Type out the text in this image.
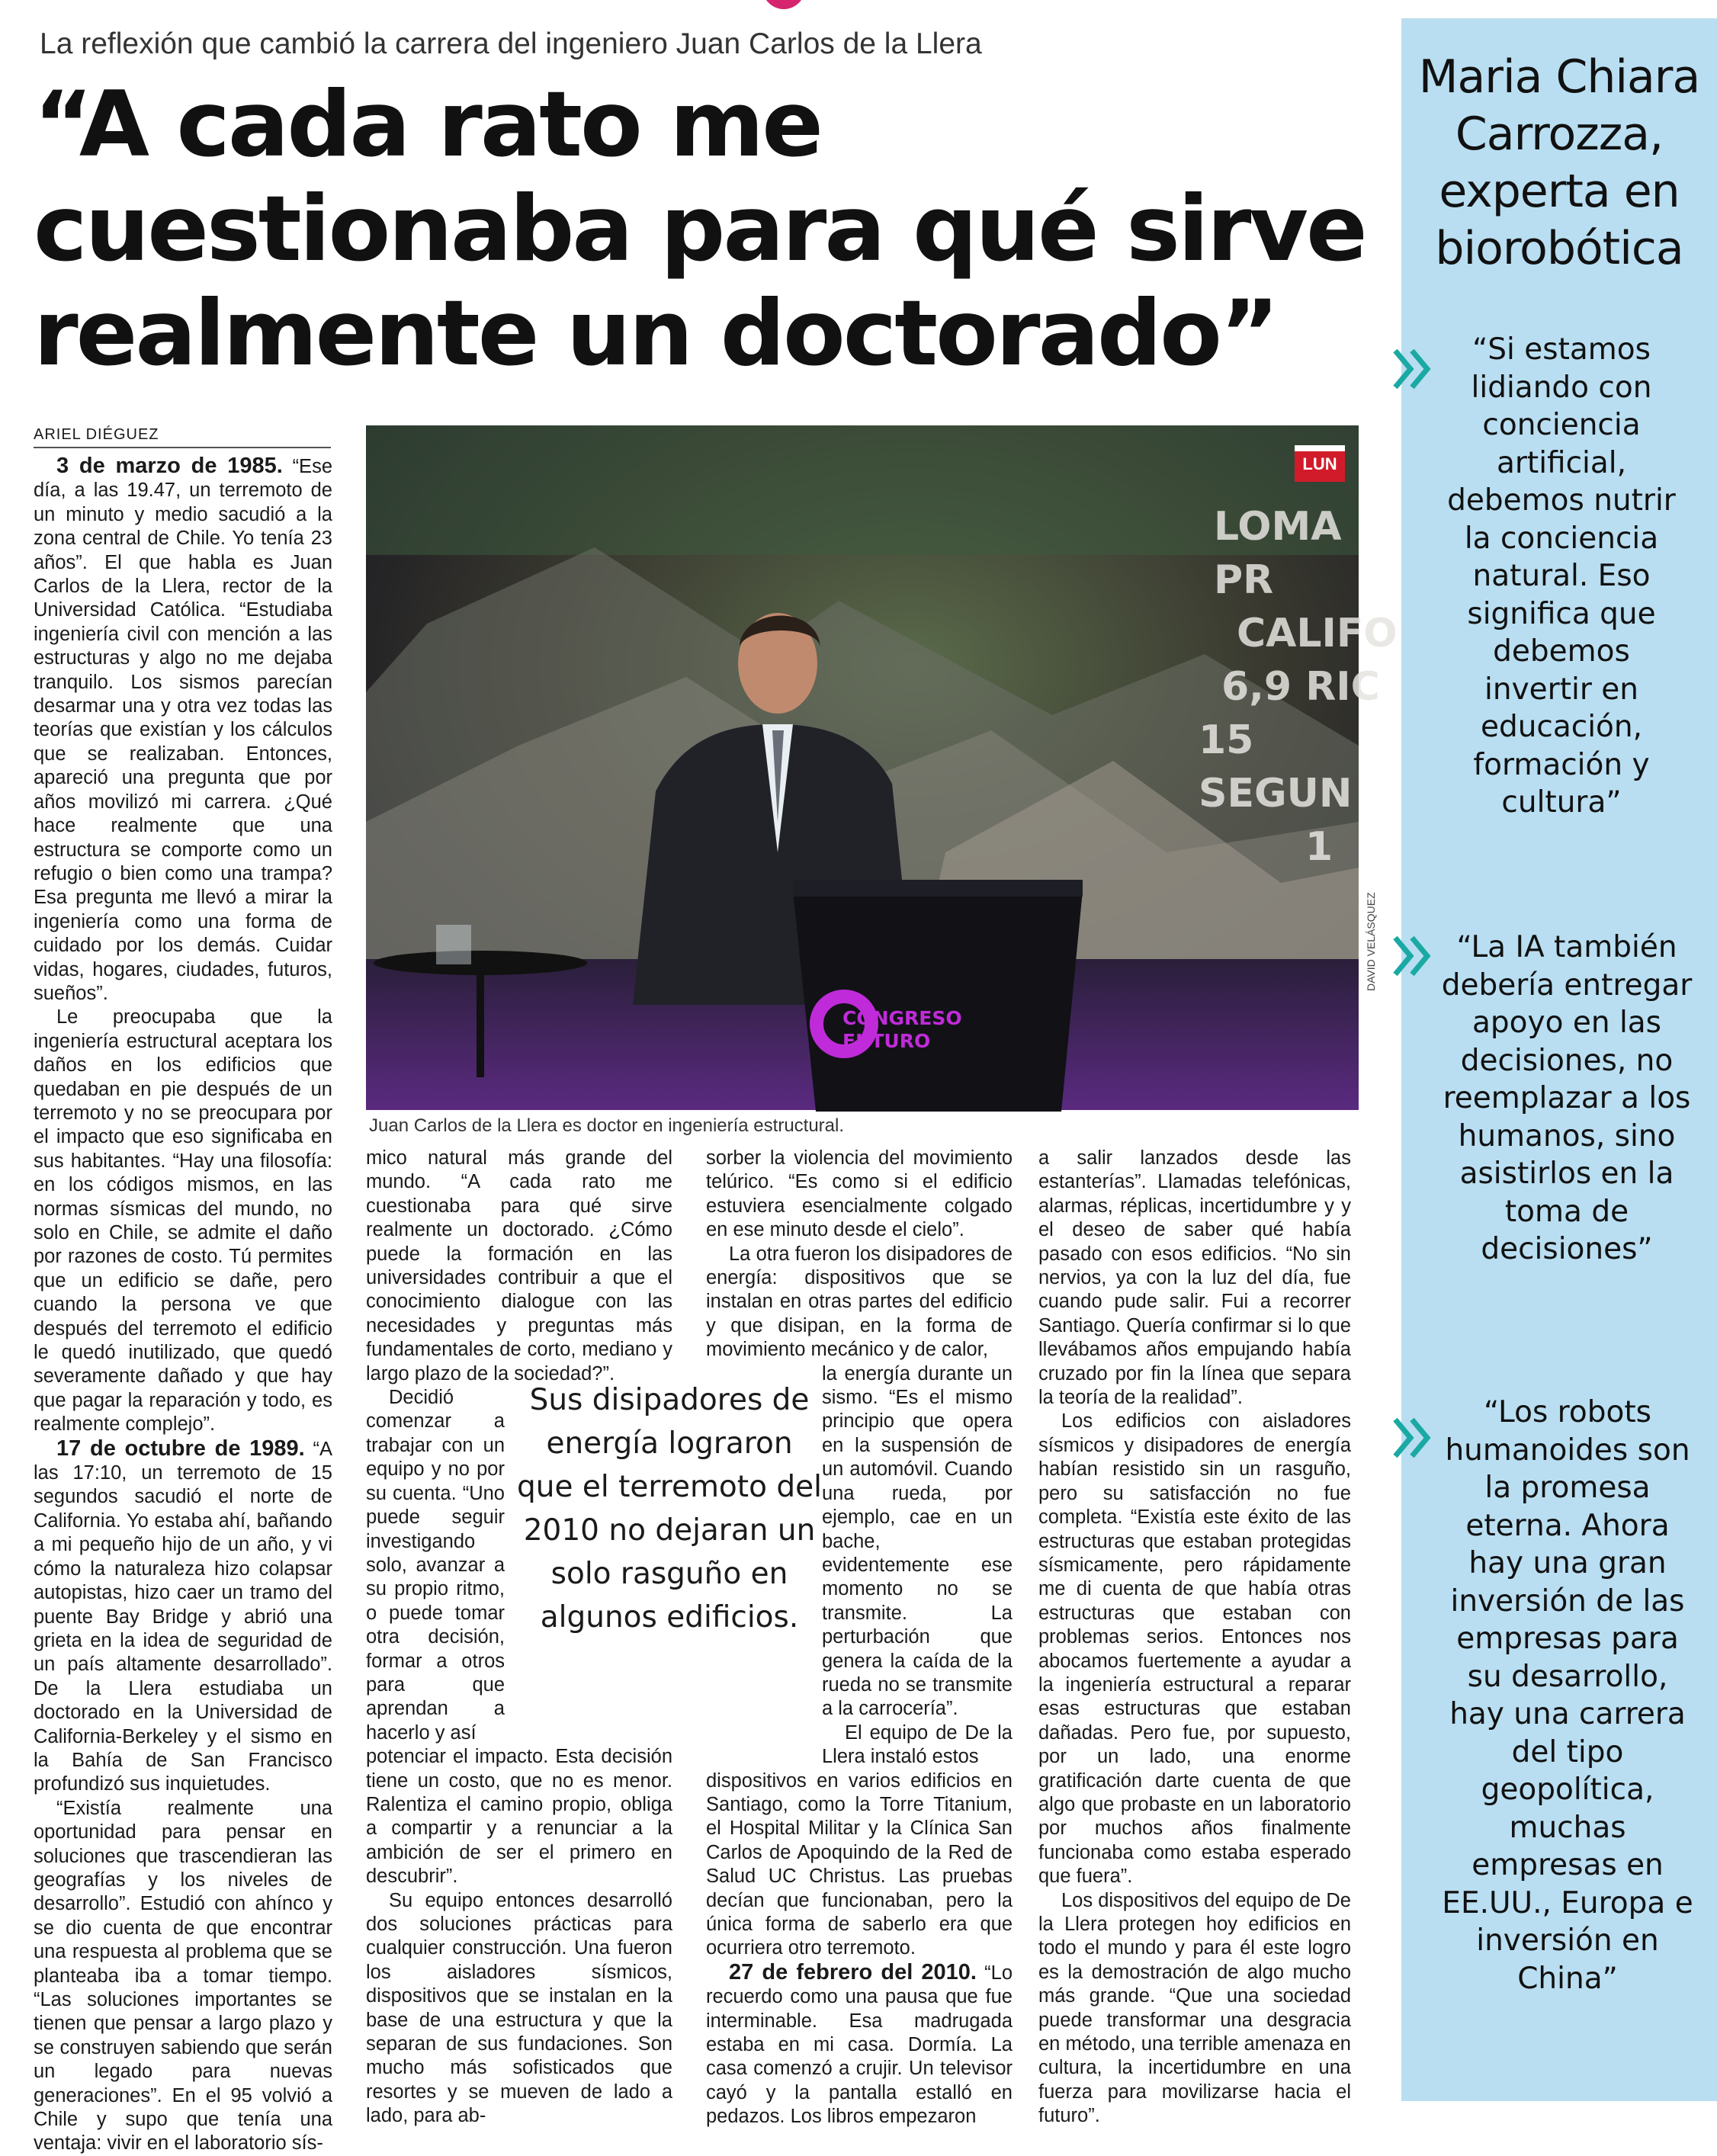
La reflexión que cambió la carrera del ingeniero Juan Carlos de la Llera
“A cada rato me
cuestionaba para qué sirve
realmente un doctorado”
ARIEL DIÉGUEZ

3 de marzo de 1985. “Ese día, a las 19.47, un terremoto de un minuto y medio sacudió a la zona central de Chile. Yo tenía 23 años”. El que habla es Juan Carlos de la Llera, rector de la Universidad Católica. “Estudiaba ingeniería civil con mención a las estructuras y algo no me dejaba tranquilo. Los sismos parecían desarmar una y otra vez todas las teorías que existían y los cálculos que se realizaban. Entonces, apareció una pregunta que por años movilizó mi carrera. ¿Qué hace realmente que una estructura se comporte como un refugio o bien como una trampa? Esa pregunta me llevó a mirar la ingeniería como una forma de cuidado por los demás. Cuidar vidas, hogares, ciudades, futuros, sueños”.

Le preocupaba que la ingeniería estructural aceptara los daños en los edificios que quedaban en pie después de un terremoto y no se preocupara por el impacto que eso significaba en sus habitantes. “Hay una filosofía: en los códigos mismos, en las normas sísmicas del mundo, no solo en Chile, se admite el daño por razones de costo. Tú permites que un edificio se dañe, pero cuando la persona ve que después del terremoto el edificio le quedó inutilizado, que quedó severamente dañado y que hay que pagar la reparación y todo, es realmente complejo”.

17 de octubre de 1989. “A las 17:10, un terremoto de 15 segundos sacudió el norte de California. Yo estaba ahí, bañando a mi pequeño hijo de un año, y vi cómo la naturaleza hizo colapsar autopistas, hizo caer un tramo del puente Bay Bridge y abrió una grieta en la idea de seguridad de un país altamente desarrollado”. De la Llera estudiaba un doctorado en la Universidad de California-Berkeley y el sismo en la Bahía de San Francisco profundizó sus inquietudes.

“Existía realmente una oportunidad para pensar en soluciones que trascendieran las geografías y los niveles de desarrollo”. Estudió con ahínco y se dio cuenta de que encontrar una respuesta al problema que se planteaba iba a tomar tiempo. “Las soluciones importantes se tienen que pensar a largo plazo y se construyen sabiendo que serán un legado para nuevas generaciones”. En el 95 volvió a Chile y supo que tenía una ventaja: vivir en el laboratorio sís-

LUN
LOMA PR
CALIFO
6,9 RIC
15 SEGUN
1
CONGRESO
FUTURO
DAVID VELÁSQUEZ
Juan Carlos de la Llera es doctor en ingeniería estructural.

mico natural más grande del mundo. “A cada rato me cuestionaba para qué sirve realmente un doctorado. ¿Cómo puede la formación en las universidades contribuir a que el conocimiento dialogue con las necesidades y preguntas más fundamentales de corto, mediano y largo plazo de la sociedad?”.

Decidió comenzar a trabajar con un equipo y no por su cuenta. “Uno puede seguir investigando solo, avanzar a su propio ritmo, o puede tomar otra decisión, formar a otros para que aprendan a hacerlo y así

potenciar el impacto. Esta decisión tiene un costo, que no es menor. Ralentiza el camino propio, obliga a compartir y a renunciar a la ambición de ser el primero en descubrir”.

Su equipo entonces desarrolló dos soluciones prácticas para cualquier construcción. Una fueron los aisladores sísmicos, dispositivos que se instalan en la base de una estructura y que la separan de sus fundaciones. Son mucho más sofisticados que resortes y se mueven de lado a lado, para ab-

Sus disipadores de energía lograron que el terremoto del 2010 no dejaran un solo rasguño en algunos edificios.

sorber la violencia del movimiento telúrico. “Es como si el edificio estuviera esencialmente colgado en ese minuto desde el cielo”.

La otra fueron los disipadores de energía: dispositivos que se instalan en otras partes del edificio y que disipan, en la forma de movimiento mecánico y de calor,

la energía durante un sismo. “Es el mismo principio que opera en la suspensión de un automóvil. Cuando una rueda, por ejemplo, cae en un bache, evidentemente ese momento no se transmite. La perturbación que genera la caída de la rueda no se transmite a la carrocería”.

El equipo de De la Llera instaló estos

dispositivos en varios edificios en Santiago, como la Torre Titanium, el Hospital Militar y la Clínica San Carlos de Apoquindo de la Red de Salud UC Christus. Las pruebas decían que funcionaban, pero la única forma de saberlo era que ocurriera otro terremoto.

27 de febrero del 2010. “Lo recuerdo como una pausa que fue interminable. Esa madrugada estaba en mi casa. Dormía. La casa comenzó a crujir. Un televisor cayó y la pantalla estalló en pedazos. Los libros empezaron

a salir lanzados desde las estanterías”. Llamadas telefónicas, alarmas, réplicas, incertidumbre y y el deseo de saber qué había pasado con esos edificios. “No sin nervios, ya con la luz del día, fue cuando pude salir. Fui a recorrer Santiago. Quería confirmar si lo que llevábamos años empujando había cruzado por fin la línea que separa la teoría de la realidad”.

Los edificios con aisladores sísmicos y disipadores de energía habían resistido sin un rasguño, pero su satisfacción no fue completa. “Existía este éxito de las estructuras que estaban protegidas sísmicamente, pero rápidamente me di cuenta de que había otras estructuras que estaban con problemas serios. Entonces nos abocamos fuertemente a ayudar a la ingeniería estructural a reparar esas estructuras que estaban dañadas. Pero fue, por supuesto, por un lado, una enorme gratificación darte cuenta de que algo que probaste en un laboratorio por muchos años finalmente funcionaba como estaba esperado que fuera”.

Los dispositivos del equipo de De la Llera protegen hoy edificios en todo el mundo y para él este logro es la demostración de algo mucho más grande. “Que una sociedad puede transformar una desgracia en método, una terrible amenaza en cultura, la incertidumbre en una fuerza para movilizarse hacia el futuro”.

Maria Chiara Carrozza, experta en biorobótica
“Si estamos lidiando con conciencia artificial, debemos nutrir la conciencia natural. Eso significa que debemos invertir en educación, formación y cultura”
“La IA también debería entregar apoyo en las decisiones, no reemplazar a los humanos, sino asistirlos en la toma de decisiones”
“Los robots humanoides son la promesa eterna. Ahora hay una gran inversión de las empresas para su desarrollo, hay una carrera del tipo geopolítica, muchas empresas en EE.UU., Europa e inversión en China”
